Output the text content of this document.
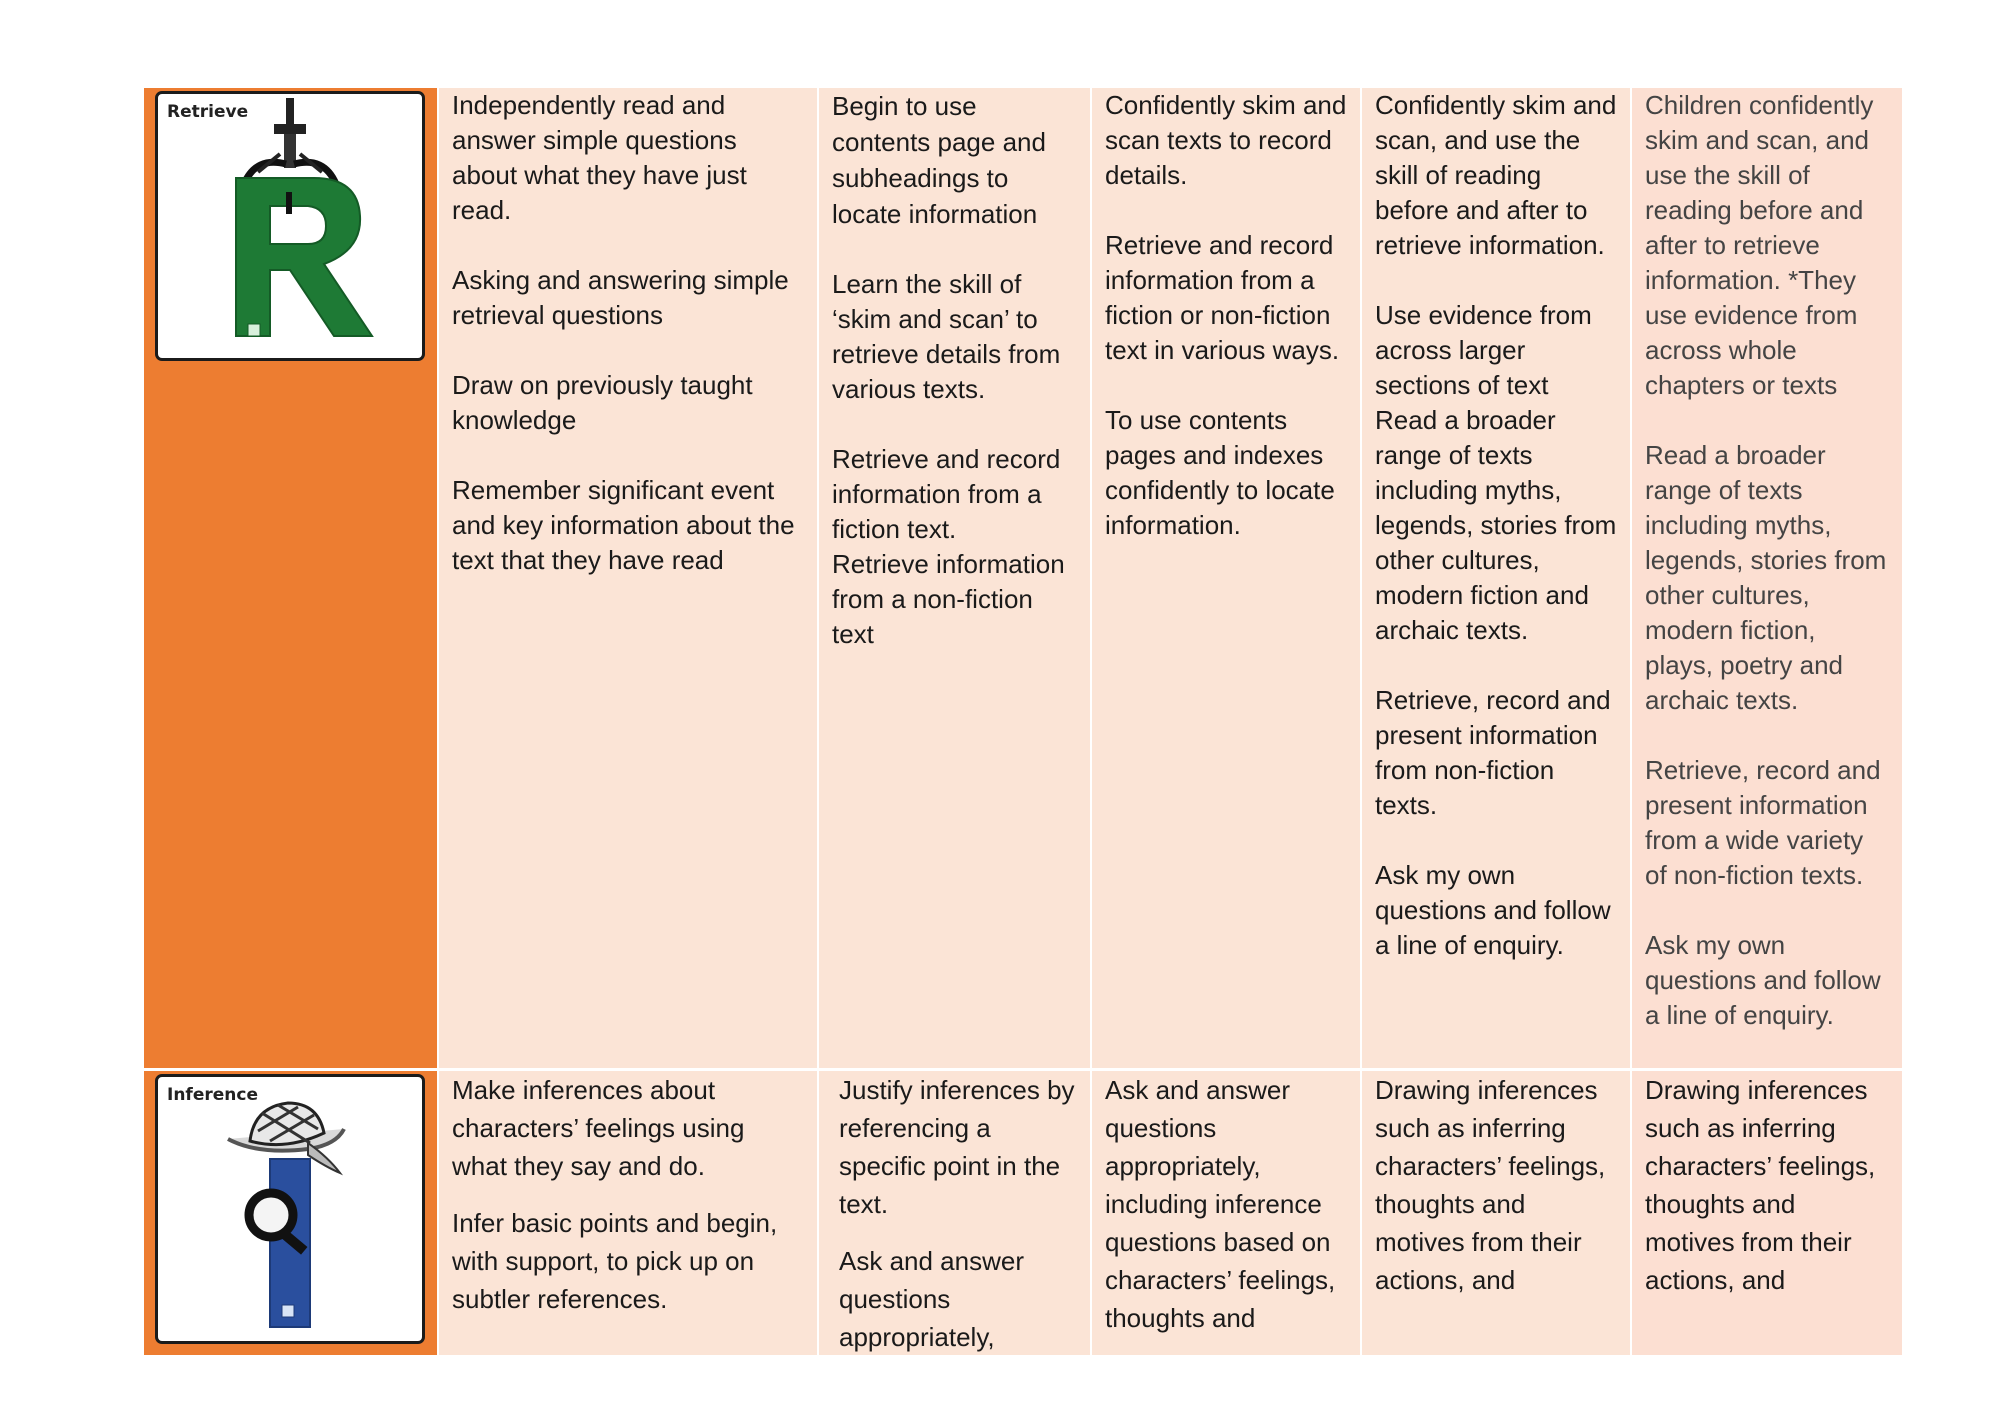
Retrieve	Independently read and answer simple questions about what they have just read.

Asking and answering simple retrieval questions

Draw on previously taught knowledge

Remember significant event and key information about the text that they have read

Begin to use contents page and subheadings to locate information

Learn the skill of ‘skim and scan’ to retrieve details from various texts.

Retrieve and record information from a fiction text.

Retrieve information from a non-fiction text

Confidently skim and scan texts to record details.

Retrieve and record information from a fiction or non-fiction text in various ways.

To use contents pages and indexes confidently to locate information.

Confidently skim and scan, and use the skill of reading before and after to retrieve information.

Use evidence from across larger sections of text

Read a broader range of texts including myths, legends, stories from other cultures, modern fiction and archaic texts.

Retrieve, record and present information from non-fiction texts.

Ask my own questions and follow a line of enquiry.

Children confidently skim and scan, and use the skill of reading before and after to retrieve information. *They use evidence from across whole chapters or texts

Read a broader range of texts including myths, legends, stories from other cultures, modern fiction, plays, poetry and archaic texts.

Retrieve, record and present information from a wide variety of non-fiction texts.

Ask my own questions and follow a line of enquiry.

Inference	Make inferences about characters’ feelings using what they say and do.

Infer basic points and begin, with support, to pick up on subtler references.

Justify inferences by referencing a specific point in the text.

Ask and answer questions appropriately,

Ask and answer questions appropriately, including inference questions based on characters’ feelings, thoughts and

Drawing inferences such as inferring characters’ feelings, thoughts and motives from their actions, and

Drawing inferences such as inferring characters’ feelings, thoughts and motives from their actions, and
